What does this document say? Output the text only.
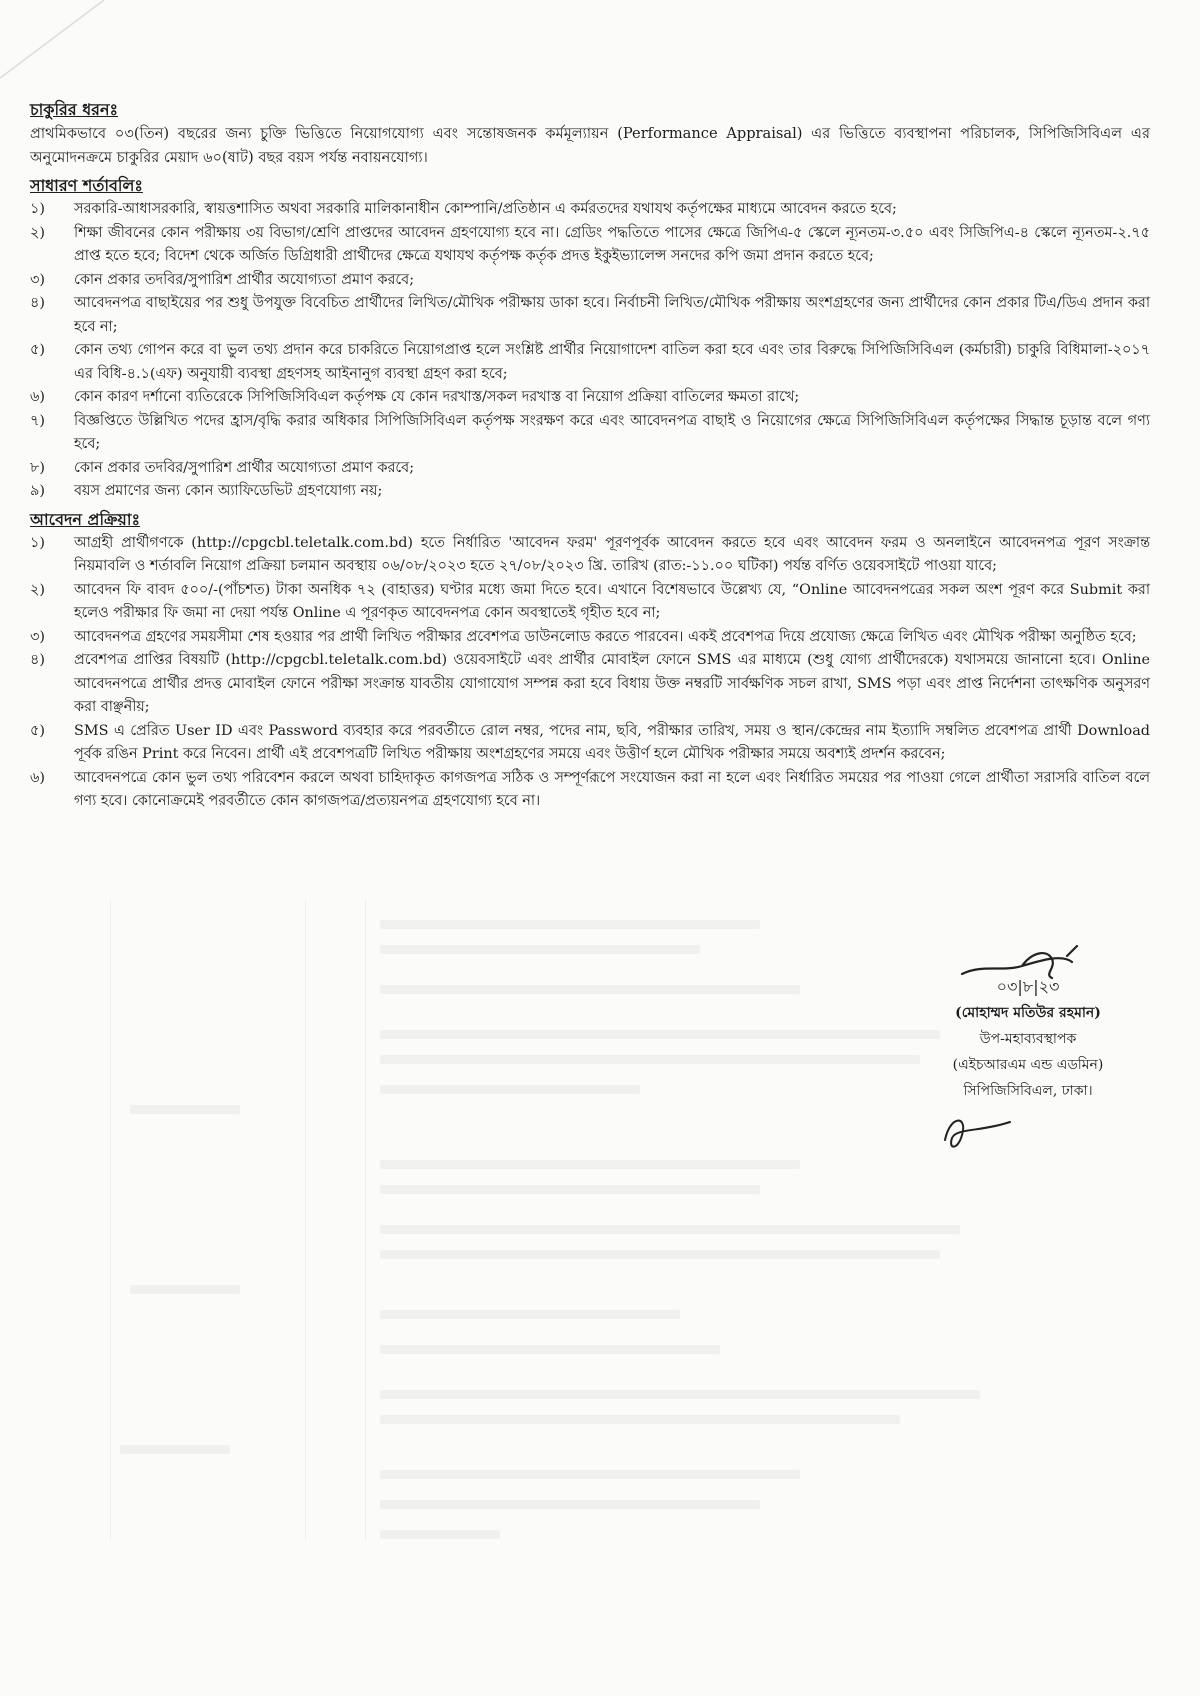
চাকুরির ধরনঃ

প্রাথমিকভাবে ০৩(তিন) বছরের জন্য চুক্তি ভিত্তিতে নিয়োগযোগ্য এবং সন্তোষজনক কর্মমূল্যায়ন (Performance Appraisal) এর ভিত্তিতে ব্যবস্থাপনা পরিচালক, সিপিজিসিবিএল এর অনুমোদনক্রমে চাকুরির মেয়াদ ৬০(ষাট) বছর বয়স পর্যন্ত নবায়নযোগ্য।

সাধারণ শর্তাবলিঃ
১)	সরকারি-আধাসরকারি, স্বায়ত্তশাসিত অথবা সরকারি মালিকানাধীন কোম্পানি/প্রতিষ্ঠান এ কর্মরতদের যথাযথ কর্তৃপক্ষের মাধ্যমে আবেদন করতে হবে;
২)	শিক্ষা জীবনের কোন পরীক্ষায় ৩য় বিভাগ/শ্রেণি প্রাপ্তদের আবেদন গ্রহণযোগ্য হবে না। গ্রেডিং পদ্ধতিতে পাসের ক্ষেত্রে জিপিএ-৫ স্কেলে ন্যূনতম-৩.৫০ এবং সিজিপিএ-৪ স্কেলে ন্যূনতম-২.৭৫ প্রাপ্ত হতে হবে; বিদেশ থেকে অর্জিত ডিগ্রিধারী প্রার্থীদের ক্ষেত্রে যথাযথ কর্তৃপক্ষ কর্তৃক প্রদত্ত ইকুইভ্যালেন্স সনদের কপি জমা প্রদান করতে হবে;
৩)	কোন প্রকার তদবির/সুপারিশ প্রার্থীর অযোগ্যতা প্রমাণ করবে;
৪)	আবেদনপত্র বাছাইয়ের পর শুধু উপযুক্ত বিবেচিত প্রার্থীদের লিখিত/মৌখিক পরীক্ষায় ডাকা হবে। নির্বাচনী লিখিত/মৌখিক পরীক্ষায় অংশগ্রহণের জন্য প্রার্থীদের কোন প্রকার টিএ/ডিএ প্রদান করা হবে না;
৫)	কোন তথ্য গোপন করে বা ভুল তথ্য প্রদান করে চাকরিতে নিয়োগপ্রাপ্ত হলে সংশ্লিষ্ট প্রার্থীর নিয়োগাদেশ বাতিল করা হবে এবং তার বিরুদ্ধে সিপিজিসিবিএল (কর্মচারী) চাকুরি বিধিমালা-২০১৭ এর বিধি-৪.১(এফ) অনুযায়ী ব্যবস্থা গ্রহণসহ আইনানুগ ব্যবস্থা গ্রহণ করা হবে;
৬)	কোন কারণ দর্শানো ব্যতিরেকে সিপিজিসিবিএল কর্তৃপক্ষ যে কোন দরখাস্ত/সকল দরখাস্ত বা নিয়োগ প্রক্রিয়া বাতিলের ক্ষমতা রাখে;
৭)	বিজ্ঞপ্তিতে উল্লিখিত পদের হ্রাস/বৃদ্ধি করার অধিকার সিপিজিসিবিএল কর্তৃপক্ষ সংরক্ষণ করে এবং আবেদনপত্র বাছাই ও নিয়োগের ক্ষেত্রে সিপিজিসিবিএল কর্তৃপক্ষের সিদ্ধান্ত চূড়ান্ত বলে গণ্য হবে;
৮)	কোন প্রকার তদবির/সুপারিশ প্রার্থীর অযোগ্যতা প্রমাণ করবে;
৯)	বয়স প্রমাণের জন্য কোন অ্যাফিডেভিট গ্রহণযোগ্য নয়;
আবেদন প্রক্রিয়াঃ
১)	আগ্রহী প্রার্থীগণকে (http://cpgcbl.teletalk.com.bd) হতে নির্ধারিত 'আবেদন ফরম' পূরণপূর্বক আবেদন করতে হবে এবং আবেদন ফরম ও অনলাইনে আবেদনপত্র পূরণ সংক্রান্ত নিয়মাবলি ও শর্তাবলি নিয়োগ প্রক্রিয়া চলমান অবস্থায় ০৬/০৮/২০২৩ হতে ২৭/০৮/২০২৩ খ্রি. তারিখ (রাত:-১১.০০ ঘটিকা) পর্যন্ত বর্ণিত ওয়েবসাইটে পাওয়া যাবে;
২)	আবেদন ফি বাবদ ৫০০/-(পাঁচশত) টাকা অনধিক ৭২ (বাহাত্তর) ঘণ্টার মধ্যে জমা দিতে হবে। এখানে বিশেষভাবে উল্লেখ্য যে, “Online আবেদনপত্রের সকল অংশ পূরণ করে Submit করা হলেও পরীক্ষার ফি জমা না দেয়া পর্যন্ত Online এ পূরণকৃত আবেদনপত্র কোন অবস্থাতেই গৃহীত হবে না;
৩)	আবেদনপত্র গ্রহণের সময়সীমা শেষ হওয়ার পর প্রার্থী লিখিত পরীক্ষার প্রবেশপত্র ডাউনলোড করতে পারবেন। একই প্রবেশপত্র দিয়ে প্রযোজ্য ক্ষেত্রে লিখিত এবং মৌখিক পরীক্ষা অনুষ্ঠিত হবে;
৪)	প্রবেশপত্র প্রাপ্তির বিষয়টি (http://cpgcbl.teletalk.com.bd) ওয়েবসাইটে এবং প্রার্থীর মোবাইল ফোনে SMS এর মাধ্যমে (শুধু যোগ্য প্রার্থীদেরকে) যথাসময়ে জানানো হবে। Online আবেদনপত্রে প্রার্থীর প্রদত্ত মোবাইল ফোনে পরীক্ষা সংক্রান্ত যাবতীয় যোগাযোগ সম্পন্ন করা হবে বিধায় উক্ত নম্বরটি সার্বক্ষণিক সচল রাখা, SMS পড়া এবং প্রাপ্ত নির্দেশনা তাৎক্ষণিক অনুসরণ করা বাঞ্ছনীয়;
৫)	SMS এ প্রেরিত User ID এবং Password ব্যবহার করে পরবর্তীতে রোল নম্বর, পদের নাম, ছবি, পরীক্ষার তারিখ, সময় ও স্থান/কেন্দ্রের নাম ইত্যাদি সম্বলিত প্রবেশপত্র প্রার্থী Download পূর্বক রঙিন Print করে নিবেন। প্রার্থী এই প্রবেশপত্রটি লিখিত পরীক্ষায় অংশগ্রহণের সময়ে এবং উত্তীর্ণ হলে মৌখিক পরীক্ষার সময়ে অবশ্যই প্রদর্শন করবেন;
৬)	আবেদনপত্রে কোন ভুল তথ্য পরিবেশন করলে অথবা চাহিদাকৃত কাগজপত্র সঠিক ও সম্পূর্ণরূপে সংযোজন করা না হলে এবং নির্ধারিত সময়ের পর পাওয়া গেলে প্রার্থীতা সরাসরি বাতিল বলে গণ্য হবে। কোনোক্রমেই পরবর্তীতে কোন কাগজপত্র/প্রত্যয়নপত্র গ্রহণযোগ্য হবে না।
০৩|৮|২৩
(মোহাম্মদ মতিউর রহমান)
উপ-মহাব্যবস্থাপক
(এইচআরএম এন্ড এডমিন)
সিপিজিসিবিএল, ঢাকা।
